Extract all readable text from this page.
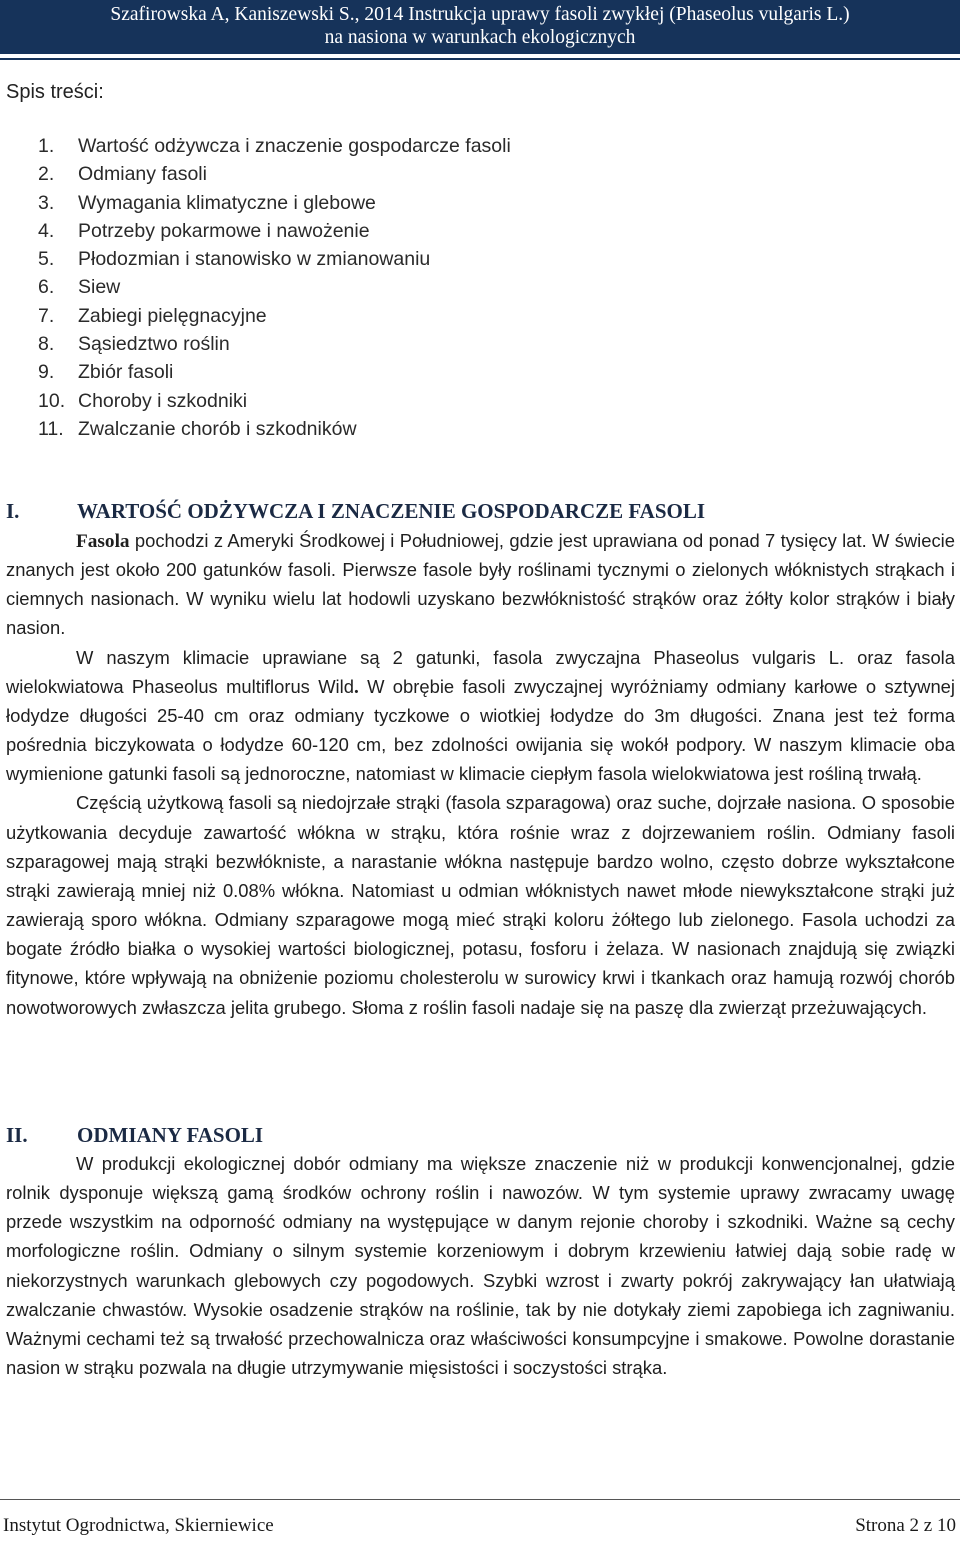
Szafirowska A, Kaniszewski S., 2014 Instrukcja uprawy fasoli zwykłej (Phaseolus vulgaris L.)
na nasiona w warunkach ekologicznych
Spis treści:
1. Wartość odżywcza i znaczenie gospodarcze fasoli
2. Odmiany fasoli
3. Wymagania klimatyczne i glebowe
4. Potrzeby pokarmowe i nawożenie
5. Płodozmian i stanowisko w zmianowaniu
6. Siew
7. Zabiegi pielęgnacyjne
8. Sąsiedztwo roślin
9. Zbiór fasoli
10. Choroby i szkodniki
11. Zwalczanie chorób i szkodników
I.	WARTOŚĆ ODŻYWCZA I ZNACZENIE GOSPODARCZE FASOLI

Fasola pochodzi z Ameryki Środkowej i Południowej, gdzie jest uprawiana od ponad 7 tysięcy lat. W świecie znanych jest około 200 gatunków fasoli. Pierwsze fasole były roślinami tycznymi o zielonych włóknistych strąkach i ciemnych nasionach. W wyniku wielu lat hodowli uzyskano bezwłóknistość strąków oraz żółty kolor strąków i biały nasion.

W naszym klimacie uprawiane są 2 gatunki, fasola zwyczajna Phaseolus vulgaris L. oraz fasola wielokwiatowa Phaseolus multiflorus Wild. W obrębie fasoli zwyczajnej wyróżniamy odmiany karłowe o sztywnej łodydze długości 25-40 cm oraz odmiany tyczkowe o wiotkiej łodydze do 3m długości. Znana jest też forma pośrednia biczykowata o łodydze 60-120 cm, bez zdolności owijania się wokół podpory. W naszym klimacie oba wymienione gatunki fasoli są jednoroczne, natomiast w klimacie ciepłym fasola wielokwiatowa jest rośliną trwałą.

Częścią użytkową fasoli są niedojrzałe strąki (fasola szparagowa) oraz suche, dojrzałe nasiona. O sposobie użytkowania decyduje zawartość włókna w strąku, która rośnie wraz z dojrzewaniem roślin. Odmiany fasoli szparagowej mają strąki bezwłókniste, a narastanie włókna następuje bardzo wolno, często dobrze wykształcone strąki zawierają mniej niż 0.08% włókna. Natomiast u odmian włóknistych nawet młode niewykształcone strąki już zawierają sporo włókna. Odmiany szparagowe mogą mieć strąki koloru żółtego lub zielonego. Fasola uchodzi za bogate źródło białka o wysokiej wartości biologicznej, potasu, fosforu i żelaza. W nasionach znajdują się związki fitynowe, które wpływają na obniżenie poziomu cholesterolu w surowicy krwi i tkankach oraz hamują rozwój chorób nowotworowych zwłaszcza jelita grubego. Słoma z roślin fasoli nadaje się na paszę dla zwierząt przeżuwających.

II. ODMIANY FASOLI

W produkcji ekologicznej dobór odmiany ma większe znaczenie niż w produkcji konwencjonalnej, gdzie rolnik dysponuje większą gamą środków ochrony roślin i nawozów. W tym systemie uprawy zwracamy uwagę przede wszystkim na odporność odmiany na występujące w danym rejonie choroby i szkodniki. Ważne są cechy morfologiczne roślin. Odmiany o silnym systemie korzeniowym i dobrym krzewieniu łatwiej dają sobie radę w niekorzystnych warunkach glebowych czy pogodowych. Szybki wzrost i zwarty pokrój zakrywający łan ułatwiają zwalczanie chwastów. Wysokie osadzenie strąków na roślinie, tak by nie dotykały ziemi zapobiega ich zagniwaniu. Ważnymi cechami też są trwałość przechowalnicza oraz właściwości konsumpcyjne i smakowe. Powolne dorastanie nasion w strąku pozwala na długie utrzymywanie mięsistości i soczystości strąka.

Instytut Ogrodnictwa, Skierniewice	Strona 2 z 10
